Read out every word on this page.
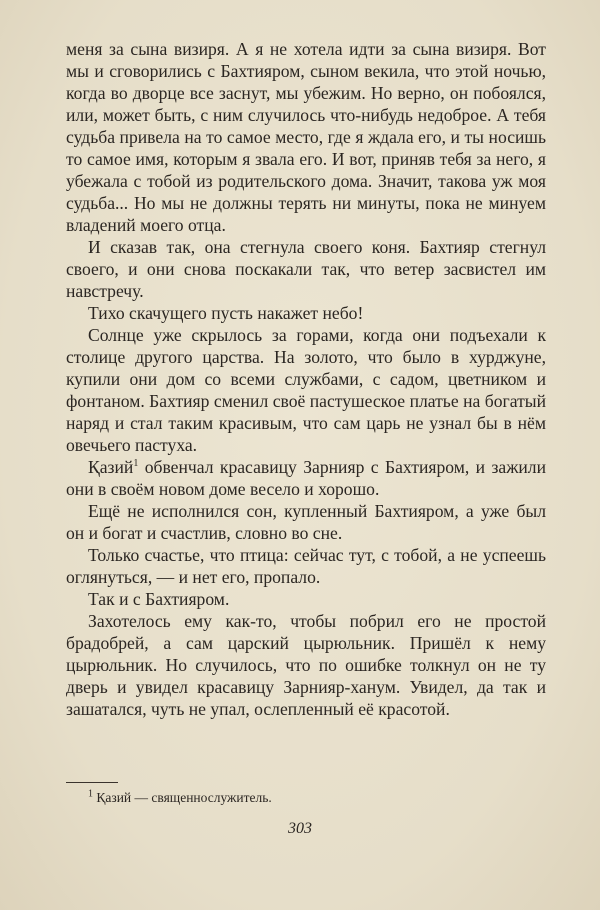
меня за сына визиря. А я не хотела идти за сына визиря. Вот мы и сговорились с Бахтияром, сыном векила, что этой ночью, когда во дворце все заснут, мы убежим. Но верно, он побоялся, или, может быть, с ним случилось что-нибудь недоброе. А тебя судьба привела на то самое место, где я ждала его, и ты носишь то самое имя, которым я звала его. И вот, приняв тебя за него, я убежала с тобой из родительского дома. Значит, такова уж моя судьба... Но мы не должны терять ни минуты, пока не минуем владений моего отца.

И сказав так, она стегнула своего коня. Бахтияр стегнул своего, и они снова поскакали так, что ветер засвистел им навстречу.

Тихо скачущего пусть накажет небо!

Солнце уже скрылось за горами, когда они подъехали к столице другого царства. На золото, что было в хурджуне, купили они дом со всеми службами, с садом, цветником и фонтаном. Бахтияр сменил своё пастушеское платье на богатый наряд и стал таким красивым, что сам царь не узнал бы в нём овечьего пастуха.

Қазий$^1$ обвенчал красавицу Зарнияр с Бахтияром, и зажили они в своём новом доме весело и хорошо.

Ещё не исполнился сон, купленный Бахтияром, а уже был он и богат и счастлив, словно во сне.

Только счастье, что птица: сейчас тут, с тобой, а не успеешь оглянуться, — и нет его, пропало.

Так и с Бахтияром.

Захотелось ему как-то, чтобы побрил его не простой брадобрей, а сам царский цырюльник. Пришёл к нему цырюльник. Но случилось, что по ошибке толкнул он не ту дверь и увидел красавицу Зарнияр-ханум. Увидел, да так и зашатался, чуть не упал, ослепленный её красотой.

$^1$ Қазий — священнослужитель.
303
